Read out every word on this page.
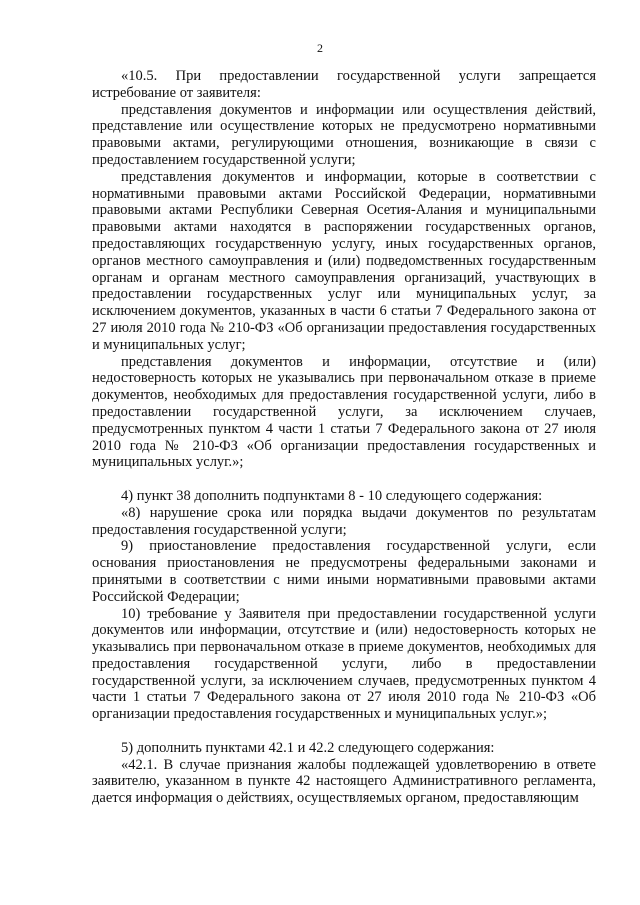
2

«10.5. При предоставлении государственной услуги запрещается истребование от заявителя:

представления документов и информации или осуществления действий, представление или осуществление которых не предусмотрено нормативными правовыми актами, регулирующими отношения, возникающие в связи с предоставлением государственной услуги;

представления документов и информации, которые в соответствии с нормативными правовыми актами Российской Федерации, нормативными правовыми актами Республики Северная Осетия-Алания и муниципальными правовыми актами находятся в распоряжении государственных органов, предоставляющих государственную услугу, иных государственных органов, органов местного самоуправления и (или) подведомственных государственным органам и органам местного самоуправления организаций, участвующих в предоставлении государственных услуг или муниципальных услуг, за исключением документов, указанных в части 6 статьи 7 Федерального закона от 27 июля 2010 года № 210-ФЗ «Об организации предоставления государственных и муниципальных услуг;

представления документов и информации, отсутствие и (или) недостоверность которых не указывались при первоначальном отказе в приеме документов, необходимых для предоставления государственной услуги, либо в предоставлении государственной услуги, за исключением случаев, предусмотренных пунктом 4 части 1 статьи 7 Федерального закона от 27 июля 2010 года № 210-ФЗ «Об организации предоставления государственных и муниципальных услуг.»;

4) пункт 38 дополнить подпунктами 8 - 10 следующего содержания:

«8) нарушение срока или порядка выдачи документов по результатам предоставления государственной услуги;

9) приостановление предоставления государственной услуги, если основания приостановления не предусмотрены федеральными законами и принятыми в соответствии с ними иными нормативными правовыми актами Российской Федерации;

10) требование у Заявителя при предоставлении государственной услуги документов или информации, отсутствие и (или) недостоверность которых не указывались при первоначальном отказе в приеме документов, необходимых для предоставления государственной услуги, либо в предоставлении государственной услуги, за исключением случаев, предусмотренных пунктом 4 части 1 статьи 7 Федерального закона от 27 июля 2010 года № 210-ФЗ «Об организации предоставления государственных и муниципальных услуг.»;

5) дополнить пунктами 42.1 и 42.2 следующего содержания:

«42.1. В случае признания жалобы подлежащей удовлетворению в ответе заявителю, указанном в пункте 42 настоящего Административного регламента, дается информация о действиях, осуществляемых органом, предоставляющим
